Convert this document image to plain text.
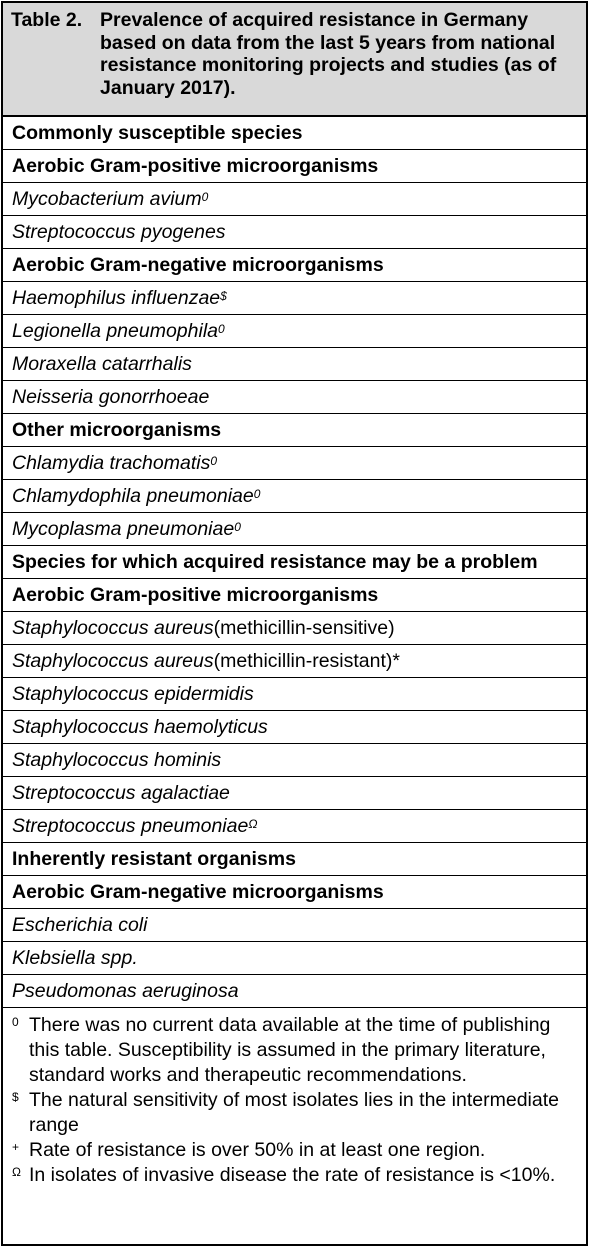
Table 2. Prevalence of acquired resistance in Germany based on data from the last 5 years from national resistance monitoring projects and studies (as of January 2017).
Commonly susceptible species
Aerobic Gram-positive microorganisms
Mycobacterium avium$^0$
Streptococcus pyogenes
Aerobic Gram-negative microorganisms
Haemophilus influenzae$
Legionella pneumophila$^0$
Moraxella catarrhalis
Neisseria gonorrhoeae
Other microorganisms
Chlamydia trachomatis$^0$
Chlamydophila pneumoniae$^0$
Mycoplasma pneumoniae$^0$
Species for which acquired resistance may be a problem
Aerobic Gram-positive microorganisms
Staphylococcus aureus (methicillin-sensitive)
Staphylococcus aureus (methicillin-resistant)*
Staphylococcus epidermidis
Staphylococcus haemolyticus
Staphylococcus hominis
Streptococcus agalactiae
Streptococcus pneumoniae$^\Omega$
Inherently resistant organisms
Aerobic Gram-negative microorganisms
Escherichia coli
Klebsiella spp.
Pseudomonas aeruginosa
0 There was no current data available at the time of publishing this table. Susceptibility is assumed in the primary literature, standard works and therapeutic recommendations.
$ The natural sensitivity of most isolates lies in the intermediate range
+ Rate of resistance is over 50% in at least one region.
Ω In isolates of invasive disease the rate of resistance is <10%.
